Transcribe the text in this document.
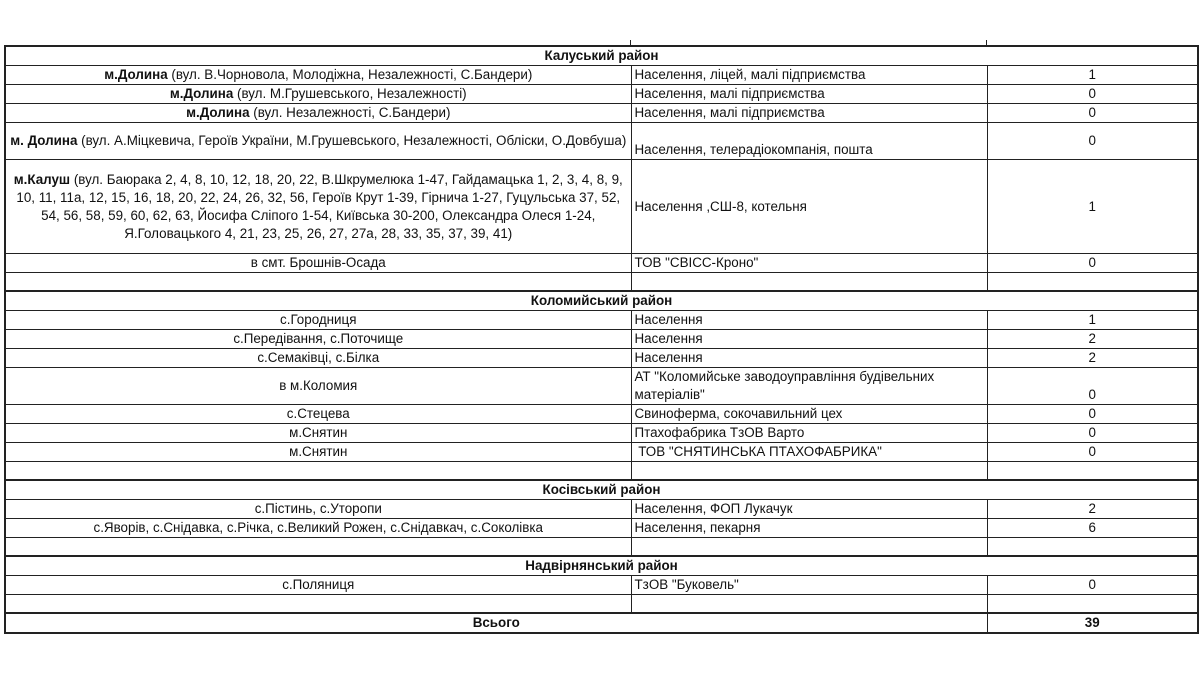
Калуський район		
м.Долина (вул. В.Чорновола, Молодіжна, Незалежності, С.Бандери)	Населення, ліцей, малі підприємства	1
м.Долина (вул. М.Грушевського, Незалежності)	Населення, малі підприємства	0
м.Долина (вул. Незалежності, С.Бандери)	Населення, малі підприємства	0
м. Долина (вул. А.Міцкевича, Героїв України, М.Грушевського, Незалежності, Обліски, О.Довбуша)	Населення, телерадіокомпанія, пошта	0
м.Калуш (вул. Баюрака 2, 4, 8, 10, 12, 18, 20, 22, В.Шкрумелюка 1-47, Гайдамацька 1, 2, 3, 4, 8, 9, 10, 11, 11а, 12, 15, 16, 18, 20, 22, 24, 26, 32, 56, Героїв Крут 1-39, Гірнича 1-27, Гуцульська 37, 52, 54, 56, 58, 59, 60, 62, 63, Йосифа Сліпого 1-54, Київська 30-200, Олександра Олеся 1-24, Я.Головацького 4, 21, 23, 25, 26, 27, 27а, 28, 33, 35, 37, 39, 41)	Населення ,СШ-8, котельня	1
в смт. Брошнів-Осада	ТОВ "СВІСС-Кроно"	0

Коломийський район		
с.Городниця	Населення	1
с.Передівання, с.Поточище	Населення	2
с.Семаківці, с.Білка	Населення	2
в м.Коломия	АТ "Коломийське заводоуправління будівельних матеріалів"	0
с.Стецева	Свиноферма, сокочавильний цех	0
м.Снятин	Птахофабрика ТзОВ Варто	0
м.Снятин	ТОВ "СНЯТИНСЬКА ПТАХОФАБРИКА"	0

Косівський район		
с.Пістинь, с.Уторопи	Населення, ФОП Лукачук	2
с.Яворів, с.Снідавка, с.Річка, с.Великий Рожен, с.Снідавкач, с.Соколівка	Населення, пекарня	6

Надвірнянський район		
с.Поляниця	ТзОВ "Буковель"	0

Всього		39
